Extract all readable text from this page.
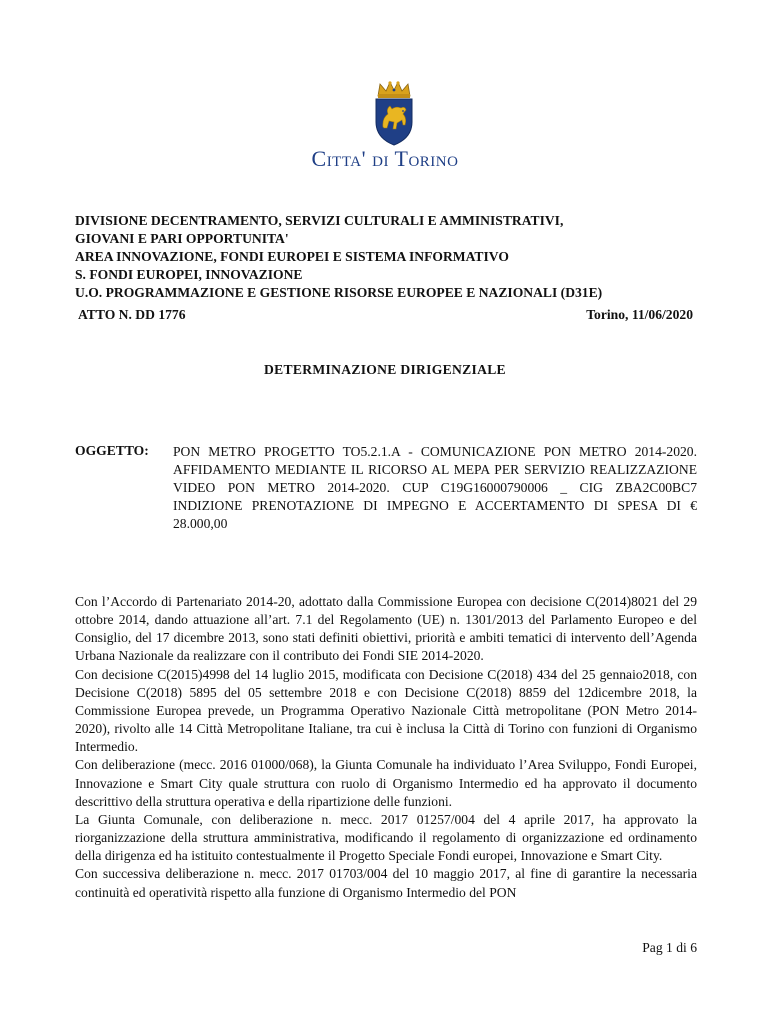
Citta' di Torino
DIVISIONE DECENTRAMENTO, SERVIZI CULTURALI E AMMINISTRATIVI,
GIOVANI E PARI OPPORTUNITA'
AREA INNOVAZIONE, FONDI EUROPEI E SISTEMA INFORMATIVO
S. FONDI EUROPEI, INNOVAZIONE
U.O. PROGRAMMAZIONE E GESTIONE RISORSE EUROPEE E NAZIONALI (D31E)
ATTO N. DD 1776	Torino, 11/06/2020
DETERMINAZIONE DIRIGENZIALE
OGGETTO: PON METRO PROGETTO TO5.2.1.A - COMUNICAZIONE PON METRO 2014-2020. AFFIDAMENTO MEDIANTE IL RICORSO AL MEPA PER SERVIZIO REALIZZAZIONE VIDEO PON METRO 2014-2020. CUP C19G16000790006 _ CIG ZBA2C00BC7 INDIZIONE PRENOTAZIONE DI IMPEGNO E ACCERTAMENTO DI SPESA DI € 28.000,00

Con l’Accordo di Partenariato 2014-20, adottato dalla Commissione Europea con decisione C(2014)8021 del 29 ottobre 2014, dando attuazione all’art. 7.1 del Regolamento (UE) n. 1301/2013 del Parlamento Europeo e del Consiglio, del 17 dicembre 2013, sono stati definiti obiettivi, priorità e ambiti tematici di intervento dell’Agenda Urbana Nazionale da realizzare con il contributo dei Fondi SIE 2014-2020.

Con decisione C(2015)4998 del 14 luglio 2015, modificata con Decisione C(2018) 434 del 25 gennaio2018, con Decisione C(2018) 5895 del 05 settembre 2018 e con Decisione C(2018) 8859 del 12dicembre 2018, la Commissione Europea prevede, un Programma Operativo Nazionale Città metropolitane (PON Metro 2014-2020), rivolto alle 14 Città Metropolitane Italiane, tra cui è inclusa la Città di Torino con funzioni di Organismo Intermedio.

Con deliberazione (mecc. 2016 01000/068), la Giunta Comunale ha individuato l’Area Sviluppo, Fondi Europei, Innovazione e Smart City quale struttura con ruolo di Organismo Intermedio ed ha approvato il documento descrittivo della struttura operativa e della ripartizione delle funzioni.

La Giunta Comunale, con deliberazione n. mecc. 2017 01257/004 del 4 aprile 2017, ha approvato la riorganizzazione della struttura amministrativa, modificando il regolamento di organizzazione ed ordinamento della dirigenza ed ha istituito contestualmente il Progetto Speciale Fondi europei, Innovazione e Smart City.

Con successiva deliberazione n. mecc. 2017 01703/004 del 10 maggio 2017, al fine di garantire la necessaria continuità ed operatività rispetto alla funzione di Organismo Intermedio del PON

Pag 1 di 6
